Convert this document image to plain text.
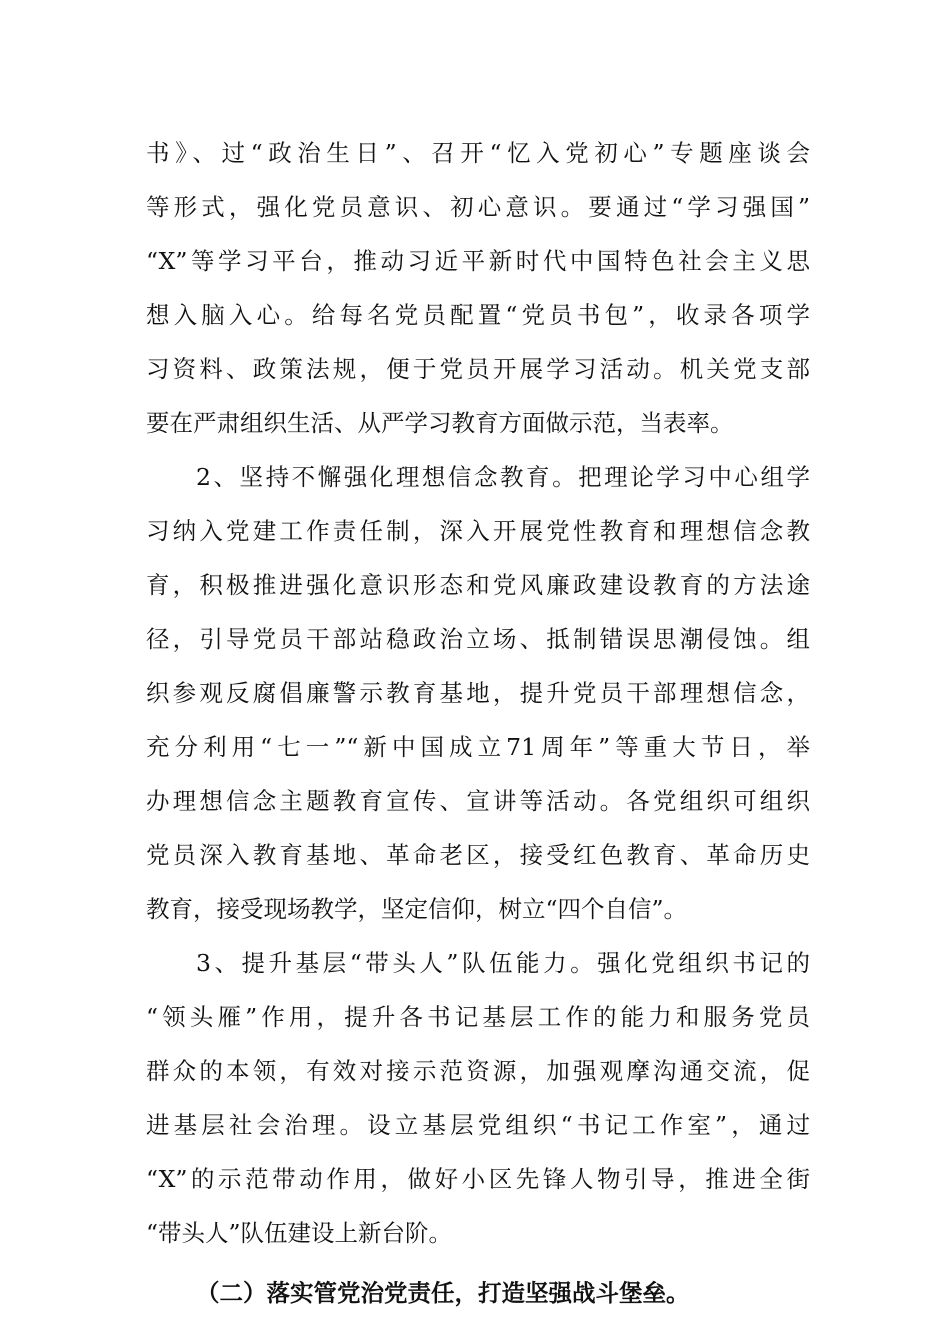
书》、过“政治生日”、召开“忆入党初心”专题座谈会
等形式，强化党员意识、初心意识。要通过“学习强国”
“X”等学习平台，推动习近平新时代中国特色社会主义思
想入脑入心。给每名党员配置“党员书包”，收录各项学
习资料、政策法规，便于党员开展学习活动。机关党支部
要在严肃组织生活、从严学习教育方面做示范，当表率。
2、坚持不懈强化理想信念教育。把理论学习中心组学
习纳入党建工作责任制，深入开展党性教育和理想信念教
育，积极推进强化意识形态和党风廉政建设教育的方法途
径，引导党员干部站稳政治立场、抵制错误思潮侵蚀。组
织参观反腐倡廉警示教育基地，提升党员干部理想信念，
充分利用“七一”“新中国成立71周年”等重大节日，举
办理想信念主题教育宣传、宣讲等活动。各党组织可组织
党员深入教育基地、革命老区，接受红色教育、革命历史
教育，接受现场教学，坚定信仰，树立“四个自信”。
3、提升基层“带头人”队伍能力。强化党组织书记的
“领头雁”作用，提升各书记基层工作的能力和服务党员
群众的本领，有效对接示范资源，加强观摩沟通交流，促
进基层社会治理。设立基层党组织“书记工作室”，通过
“X”的示范带动作用，做好小区先锋人物引导，推进全街
“带头人”队伍建设上新台阶。
（二）落实管党治党责任，打造坚强战斗堡垒。
